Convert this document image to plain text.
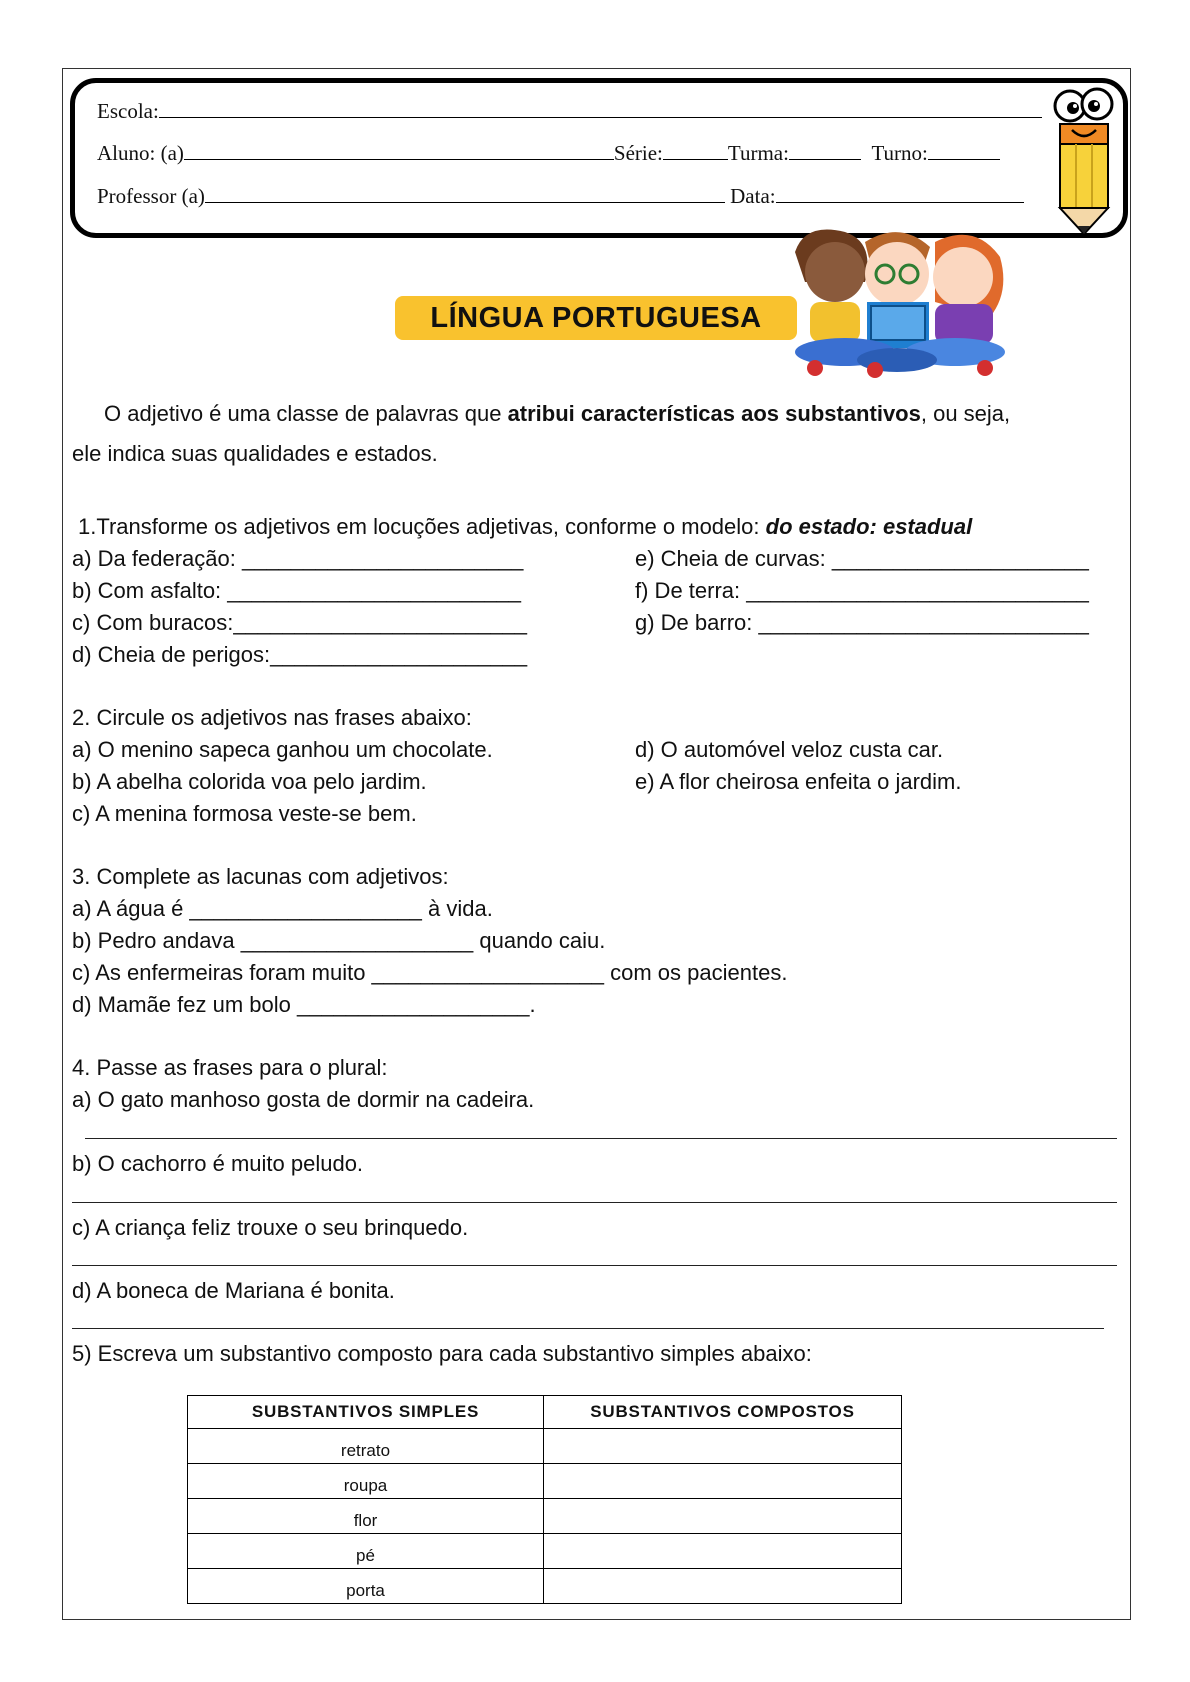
Escola:
Aluno: (a)	Série:	Turma:	Turno:
Professor (a)	Data:
LÍNGUA PORTUGUESA
O adjetivo é uma classe de palavras que atribui características aos substantivos, ou seja,
ele indica suas qualidades e estados.
1.Transforme os adjetivos em locuções adjetivas, conforme o modelo: do estado: estadual
a) Da federação: _______________________
b) Com asfalto: ________________________
c) Com buracos:________________________
d) Cheia de perigos:_____________________
e) Cheia de curvas: _____________________
f) De terra: ____________________________
g) De barro: ___________________________
2. Circule os adjetivos nas frases abaixo:
a) O menino sapeca ganhou um chocolate.
b) A abelha colorida voa pelo jardim.
c) A menina formosa veste-se bem.
d) O automóvel veloz custa car.
e) A flor cheirosa enfeita o jardim.
3. Complete as lacunas com adjetivos:
a) A água é ___________________ à vida.
b) Pedro andava ___________________ quando caiu.
c) As enfermeiras foram muito ___________________ com os pacientes.
d) Mamãe fez um bolo ___________________.
4. Passe as frases para o plural:
a) O gato manhoso gosta de dormir na cadeira.
b) O cachorro é muito peludo.
c) A criança feliz trouxe o seu brinquedo.
d) A boneca de Mariana é bonita.
5) Escreva um substantivo composto para cada substantivo simples abaixo:
SUBSTANTIVOS SIMPLES	SUBSTANTIVOS COMPOSTOS
retrato	
roupa	
flor	
pé	
porta	
